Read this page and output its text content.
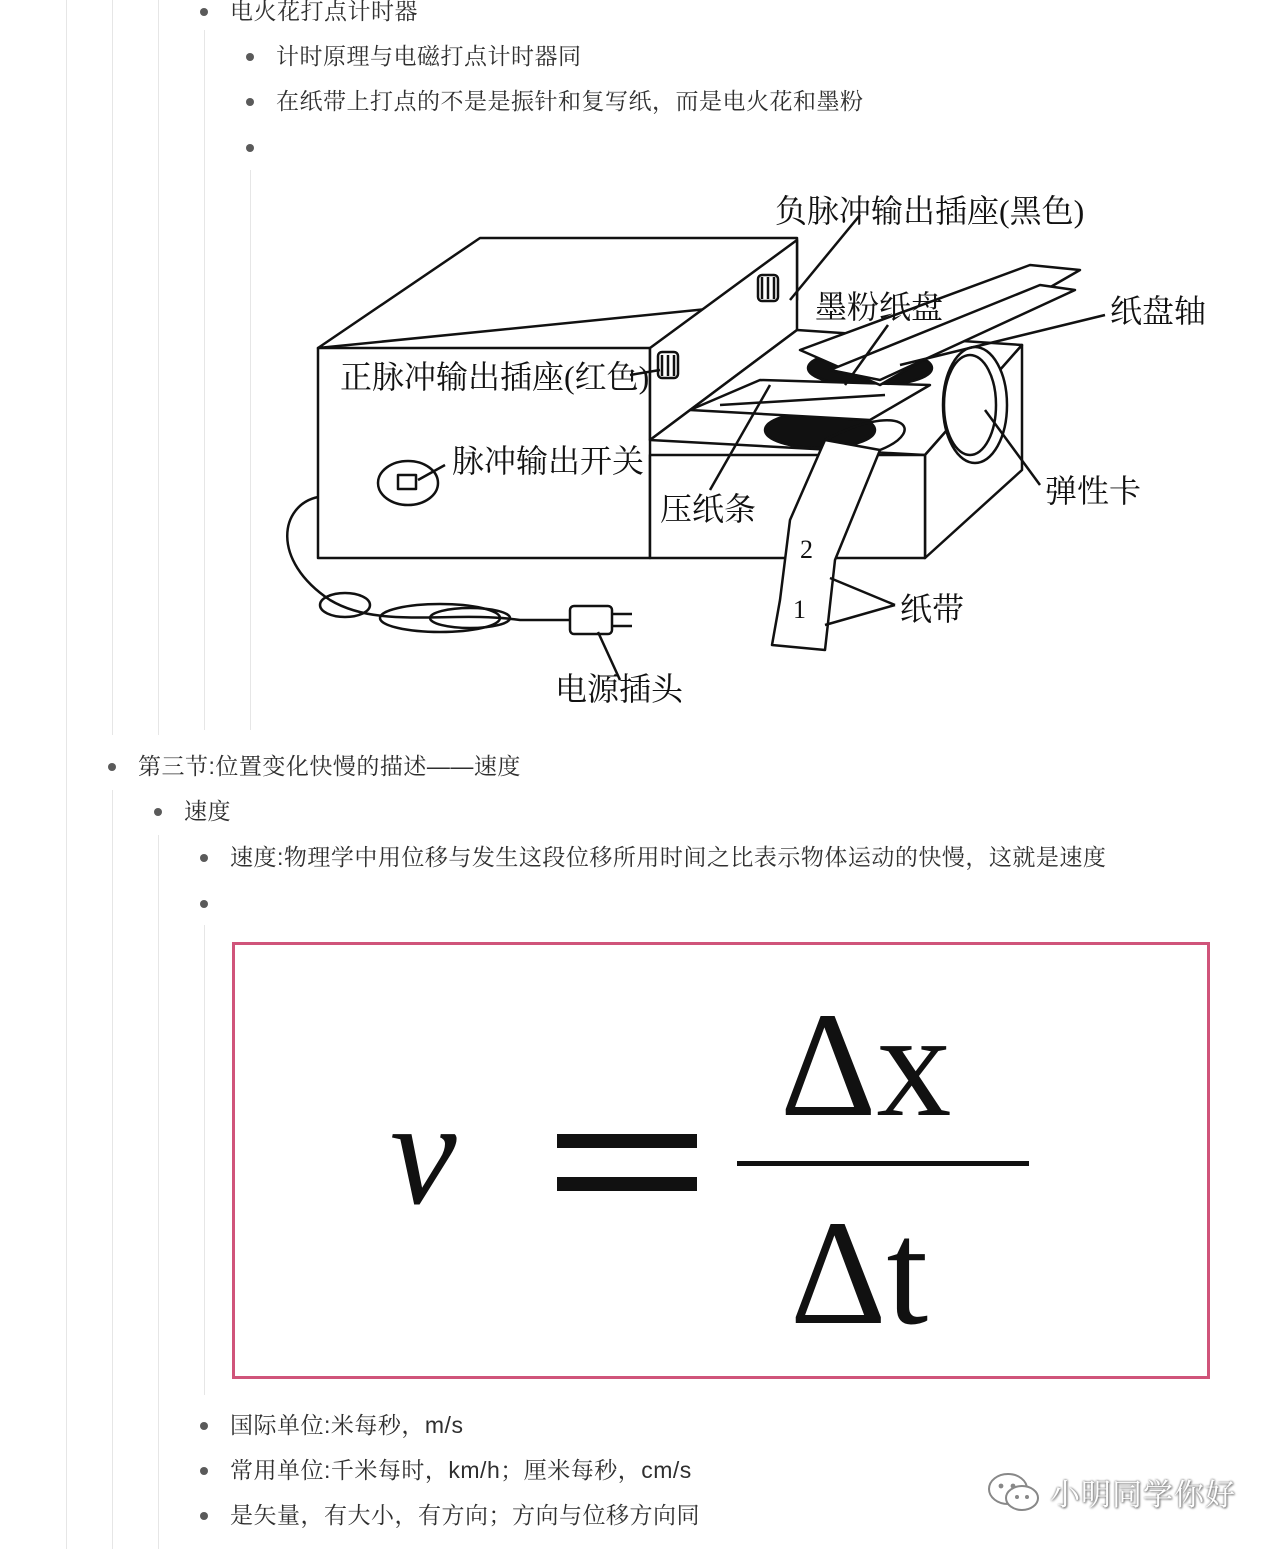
电火花打点计时器
计时原理与电磁打点计时器同
在纸带上打点的不是是振针和复写纸，而是电火花和墨粉
负脉冲输出插座(黑色)
墨粉纸盘	纸盘轴
正脉冲输出插座(红色)
脉冲输出开关
压纸条	弹性卡
纸带
电源插头
2
1
第三节:位置变化快慢的描述——速度
速度
速度:物理学中用位移与发生这段位移所用时间之比表示物体运动的快慢，这就是速度
v
Δx
Δt
国际单位:米每秒，m/s
常用单位:千米每时，km/h；厘米每秒，cm/s
是矢量，有大小，有方向；方向与位移方向同
小明同学你好
